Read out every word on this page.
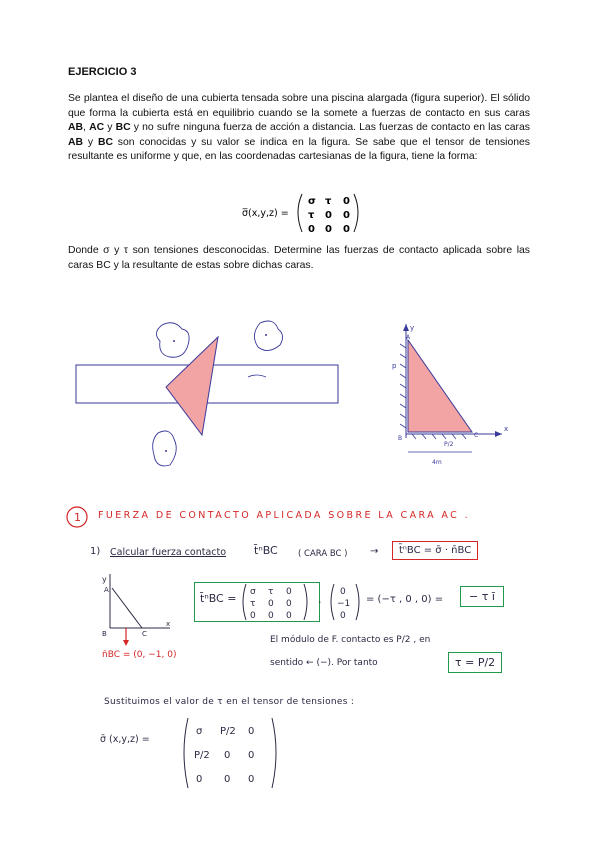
EJERCICIO 3
Se plantea el diseño de una cubierta tensada sobre una piscina alargada (figura superior). El sólido que forma la cubierta está en equilibrio cuando se la somete a fuerzas de contacto en sus caras AB, AC y BC y no sufre ninguna fuerza de acción a distancia. Las fuerzas de contacto en las caras AB y BC son conocidas y su valor se indica en la figura. Se sabe que el tensor de tensiones resultante es uniforme y que, en las coordenadas cartesianas de la figura, tiene la forma:
σ̅(x,y,z) =
σ τ 0
τ 0 0
0 0 0
Donde σ y τ son tensiones desconocidas. Determine las fuerzas de contacto aplicada sobre las caras BC y la resultante de estas sobre dichas caras.
y
x
p
A
B	C
P/2
4m
1 FUERZA DE CONTACTO APLICADA SOBRE LA CARA AC .
1) Calcular fuerza contacto	t̄ⁿBC ( CARA BC ) →	t̄ⁿBC = σ̄ · n̄BC
y
x
A
B	C
n̄BC = (0, −1, 0)
t̄ⁿBC = σ τ 0
τ 0 0
0 0 0
·
0
−1
0
= (−τ , 0 , 0) =	− τ ī
El módulo de F. contacto es P/2 , en
sentido ← (−). Por tanto	τ = P/2
Sustituimos el valor de τ en el tensor de tensiones :
σ̄ (x,y,z) =
σ P/2 0
P/2 0 0
0 0 0
